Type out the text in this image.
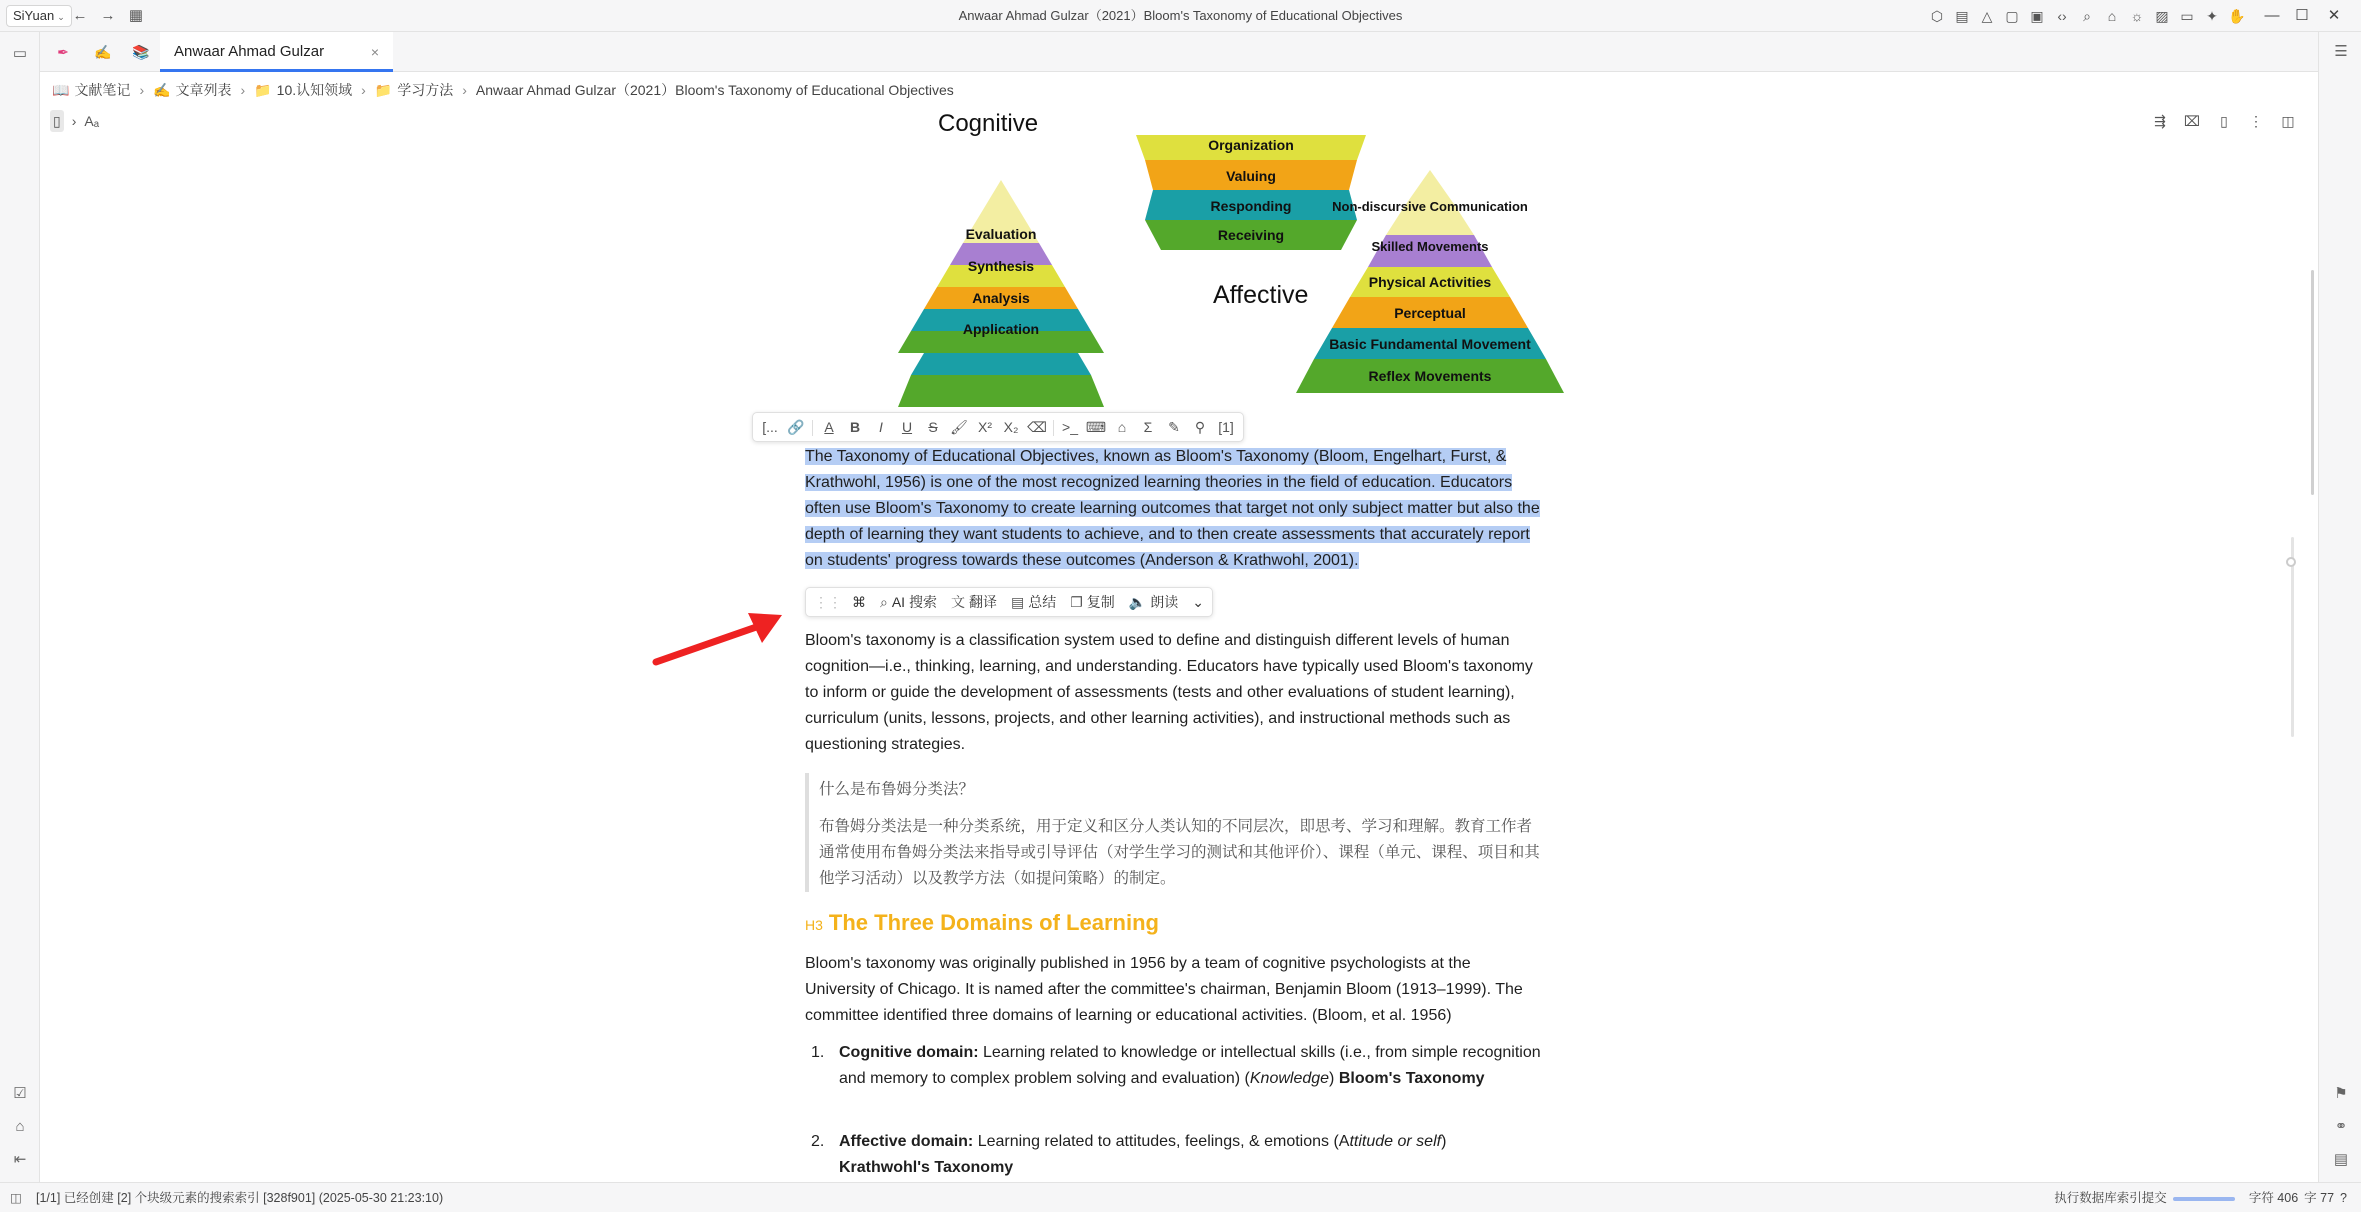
SiYuan ⌄ ← → ▦	Anwaar Ahmad Gulzar（2021）Bloom's Taxonomy of Educational Objectives	⬡ ▤ △ ▢ ▣ ‹› ⌕ ⌂ ☼ ▨ ▭ ✦ ✋	—	☐	✕
▭
☑
⌂
⇤
☰
⚑
⚭
▤
✒	✍	📚	Anwaar Ahmad Gulzar	×
📖 文献笔记 › ✍️ 文章列表 › 📁 10.认知领域 › 📁 学习方法 › Anwaar Ahmad Gulzar（2021）Bloom's Taxonomy of Educational Objectives
▯ › Aₐ	⇶ ⌧ ▯ ⋮ ◫
Cognitive
Evaluation
Synthesis
Analysis
Application
Organization
Valuing
Responding
Receiving
Affective
Non-discursive Communication
Skilled Movements
Physical Activities
Perceptual
Basic Fundamental Movement
Reflex Movements
[... 🔗 A B I U S 🖌 X² X₂ ⌫ >_ ⌨ ⌂ Σ ✎ ⚲ [1]
The Taxonomy of Educational Objectives, known as Bloom's Taxonomy (Bloom, Engelhart, Furst, & Krathwohl, 1956) is one of the most recognized learning theories in the field of education. Educators often use Bloom's Taxonomy to create learning outcomes that target not only subject matter but also the depth of learning they want students to achieve, and to then create assessments that accurately report on students' progress towards these outcomes (Anderson & Krathwohl, 2001).
⋮⋮ ⌘ ⌕ AI 搜索 文 翻译 ▤ 总结 ❐ 复制 🔈 朗读 ⌄
Bloom's taxonomy is a classification system used to define and distinguish different levels of human cognition—i.e., thinking, learning, and understanding. Educators have typically used Bloom's taxonomy to inform or guide the development of assessments (tests and other evaluations of student learning), curriculum (units, lessons, projects, and other learning activities), and instructional methods such as questioning strategies.
什么是布鲁姆分类法？
布鲁姆分类法是一种分类系统，用于定义和区分人类认知的不同层次，即思考、学习和理解。教育工作者通常使用布鲁姆分类法来指导或引导评估（对学生学习的测试和其他评价）、课程（单元、课程、项目和其他学习活动）以及教学方法（如提问策略）的制定。
H3 The Three Domains of Learning
Bloom's taxonomy was originally published in 1956 by a team of cognitive psychologists at the University of Chicago. It is named after the committee's chairman, Benjamin Bloom (1913–1999). The committee identified three domains of learning or educational activities. (Bloom, et al. 1956)
1. Cognitive domain: Learning related to knowledge or intellectual skills (i.e., from simple recognition and memory to complex problem solving and evaluation) (Knowledge) Bloom's Taxonomy
2. Affective domain: Learning related to attitudes, feelings, & emotions (Attitude or self)
Krathwohl's Taxonomy
◫ [1/1] 已经创建 [2] 个块级元素的搜索索引 [328f901] (2025-05-30 21:23:10)	执行数据库索引提交	字符 406 字 77 ?
